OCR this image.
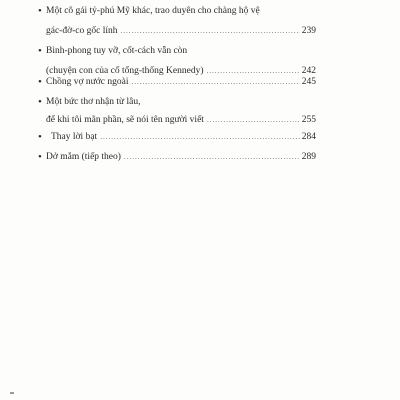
• Một cô gái tỷ-phú Mỹ khác, trao duyên cho chàng hộ vệ
gác-đờ-co gốc lính .....	239
• Bình-phong tuy vỡ, cốt-cách vẫn còn
(chuyện con của cố tổng-thống Kennedy) .....	242
• Chồng vợ nước ngoài .....	245
• Một bức thơ nhận từ lâu,
để khi tôi mãn phần, sẽ nói tên người viết .....	255
• Thay lời bạt .....	284
• Dở mắm (tiếp theo) .....	289
